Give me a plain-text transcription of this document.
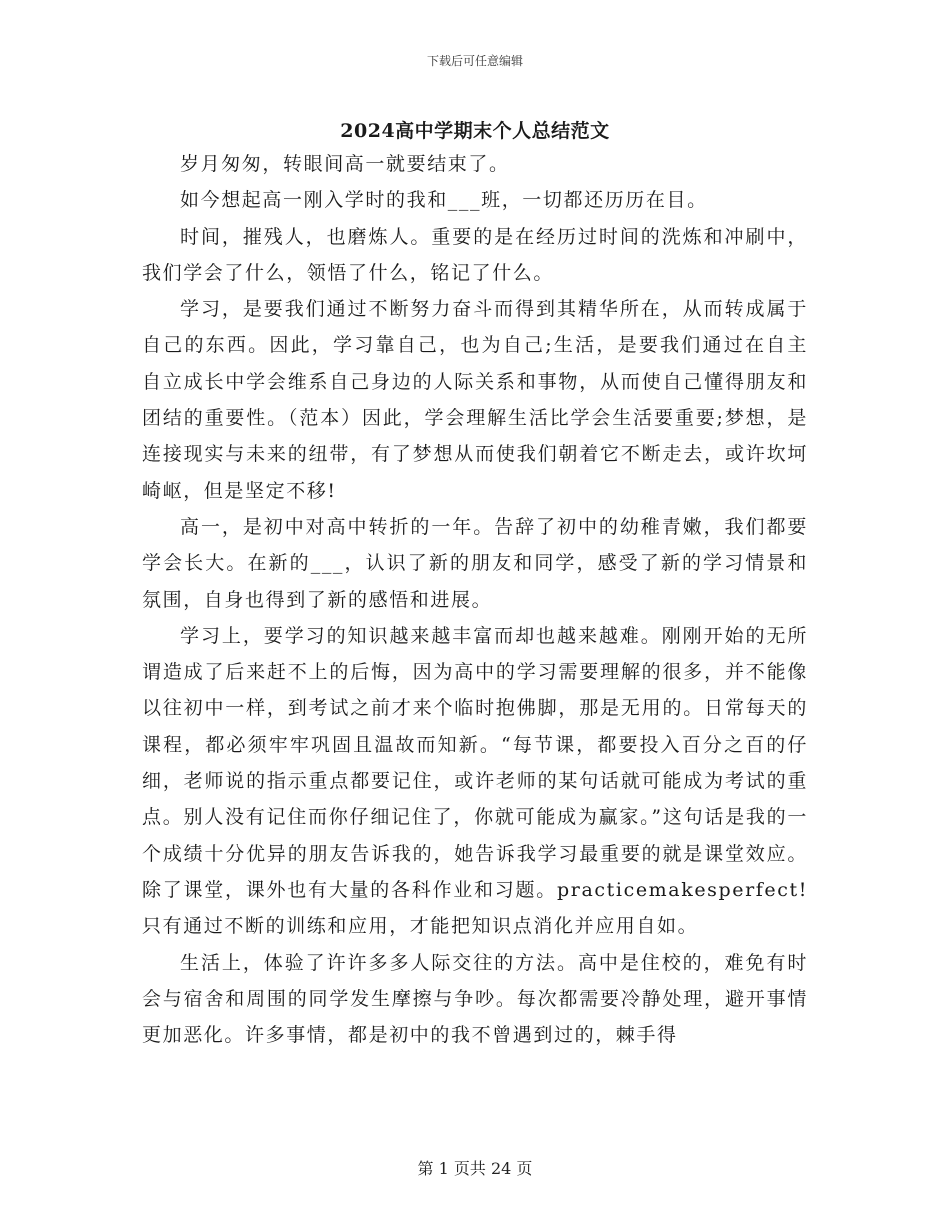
下载后可任意编辑
2024高中学期末个人总结范文

岁月匆匆，转眼间高一就要结束了。

如今想起高一刚入学时的我和___班，一切都还历历在目。

时间，摧残人，也磨炼人。重要的是在经历过时间的洗炼和冲刷中，我们学会了什么，领悟了什么，铭记了什么。

学习，是要我们通过不断努力奋斗而得到其精华所在，从而转成属于自己的东西。因此，学习靠自己，也为自己;生活，是要我们通过在自主自立成长中学会维系自己身边的人际关系和事物，从而使自己懂得朋友和团结的重要性。（范本）因此，学会理解生活比学会生活要重要;梦想，是连接现实与未来的纽带，有了梦想从而使我们朝着它不断走去，或许坎坷崎岖，但是坚定不移!

高一，是初中对高中转折的一年。告辞了初中的幼稚青嫩，我们都要学会长大。在新的___，认识了新的朋友和同学，感受了新的学习情景和氛围，自身也得到了新的感悟和进展。

学习上，要学习的知识越来越丰富而却也越来越难。刚刚开始的无所谓造成了后来赶不上的后悔，因为高中的学习需要理解的很多，并不能像以往初中一样，到考试之前才来个临时抱佛脚，那是无用的。日常每天的课程，都必须牢牢巩固且温故而知新。“每节课，都要投入百分之百的仔细，老师说的指示重点都要记住，或许老师的某句话就可能成为考试的重点。别人没有记住而你仔细记住了，你就可能成为赢家。”这句话是我的一个成绩十分优异的朋友告诉我的，她告诉我学习最重要的就是课堂效应。除了课堂，课外也有大量的各科作业和习题。practicemakesperfect!只有通过不断的训练和应用，才能把知识点消化并应用自如。

生活上，体验了许许多多人际交往的方法。高中是住校的，难免有时会与宿舍和周围的同学发生摩擦与争吵。每次都需要冷静处理，避开事情更加恶化。许多事情，都是初中的我不曾遇到过的，棘手得

第 1 页共 24 页
